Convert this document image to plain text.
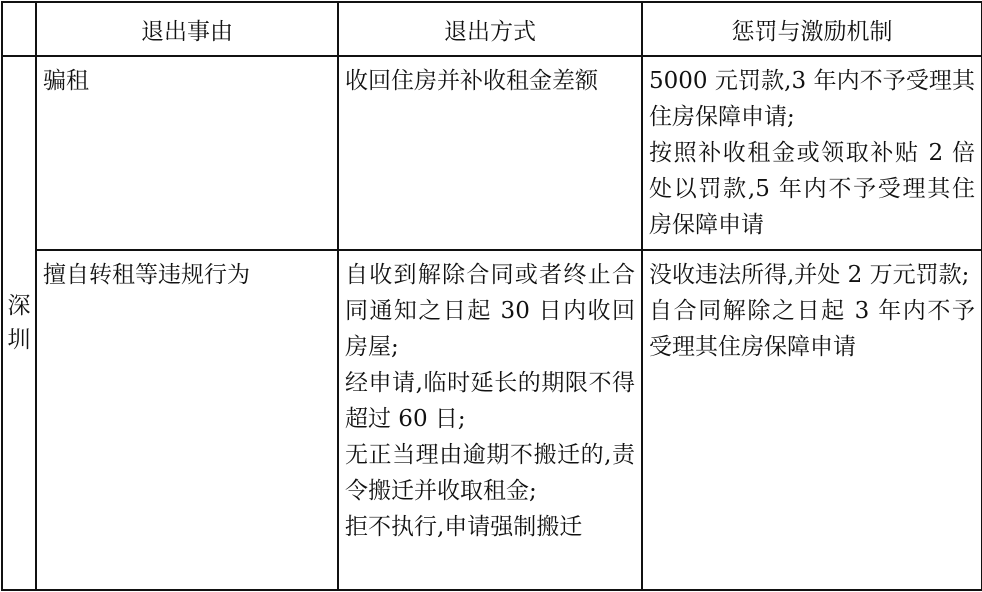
	退出事由	退出方式	惩罚与激励机制
深圳	骗租	收回住房并补收租金差额	5000 元罚款,3 年内不予受理其住房保障申请;
按照补收租金或领取补贴 2 倍处以罚款,5 年内不予受理其住房保障申请

	擅自转租等违规行为	自收到解除合同或者终止合同通知之日起 30 日内收回房屋;
经申请,临时延长的期限不得超过 60 日;
无正当理由逾期不搬迁的,责令搬迁并收取租金;
拒不执行,申请强制搬迁	没收违法所得,并处 2 万元罚款;
自合同解除之日起 3 年内不予受理其住房保障申请
